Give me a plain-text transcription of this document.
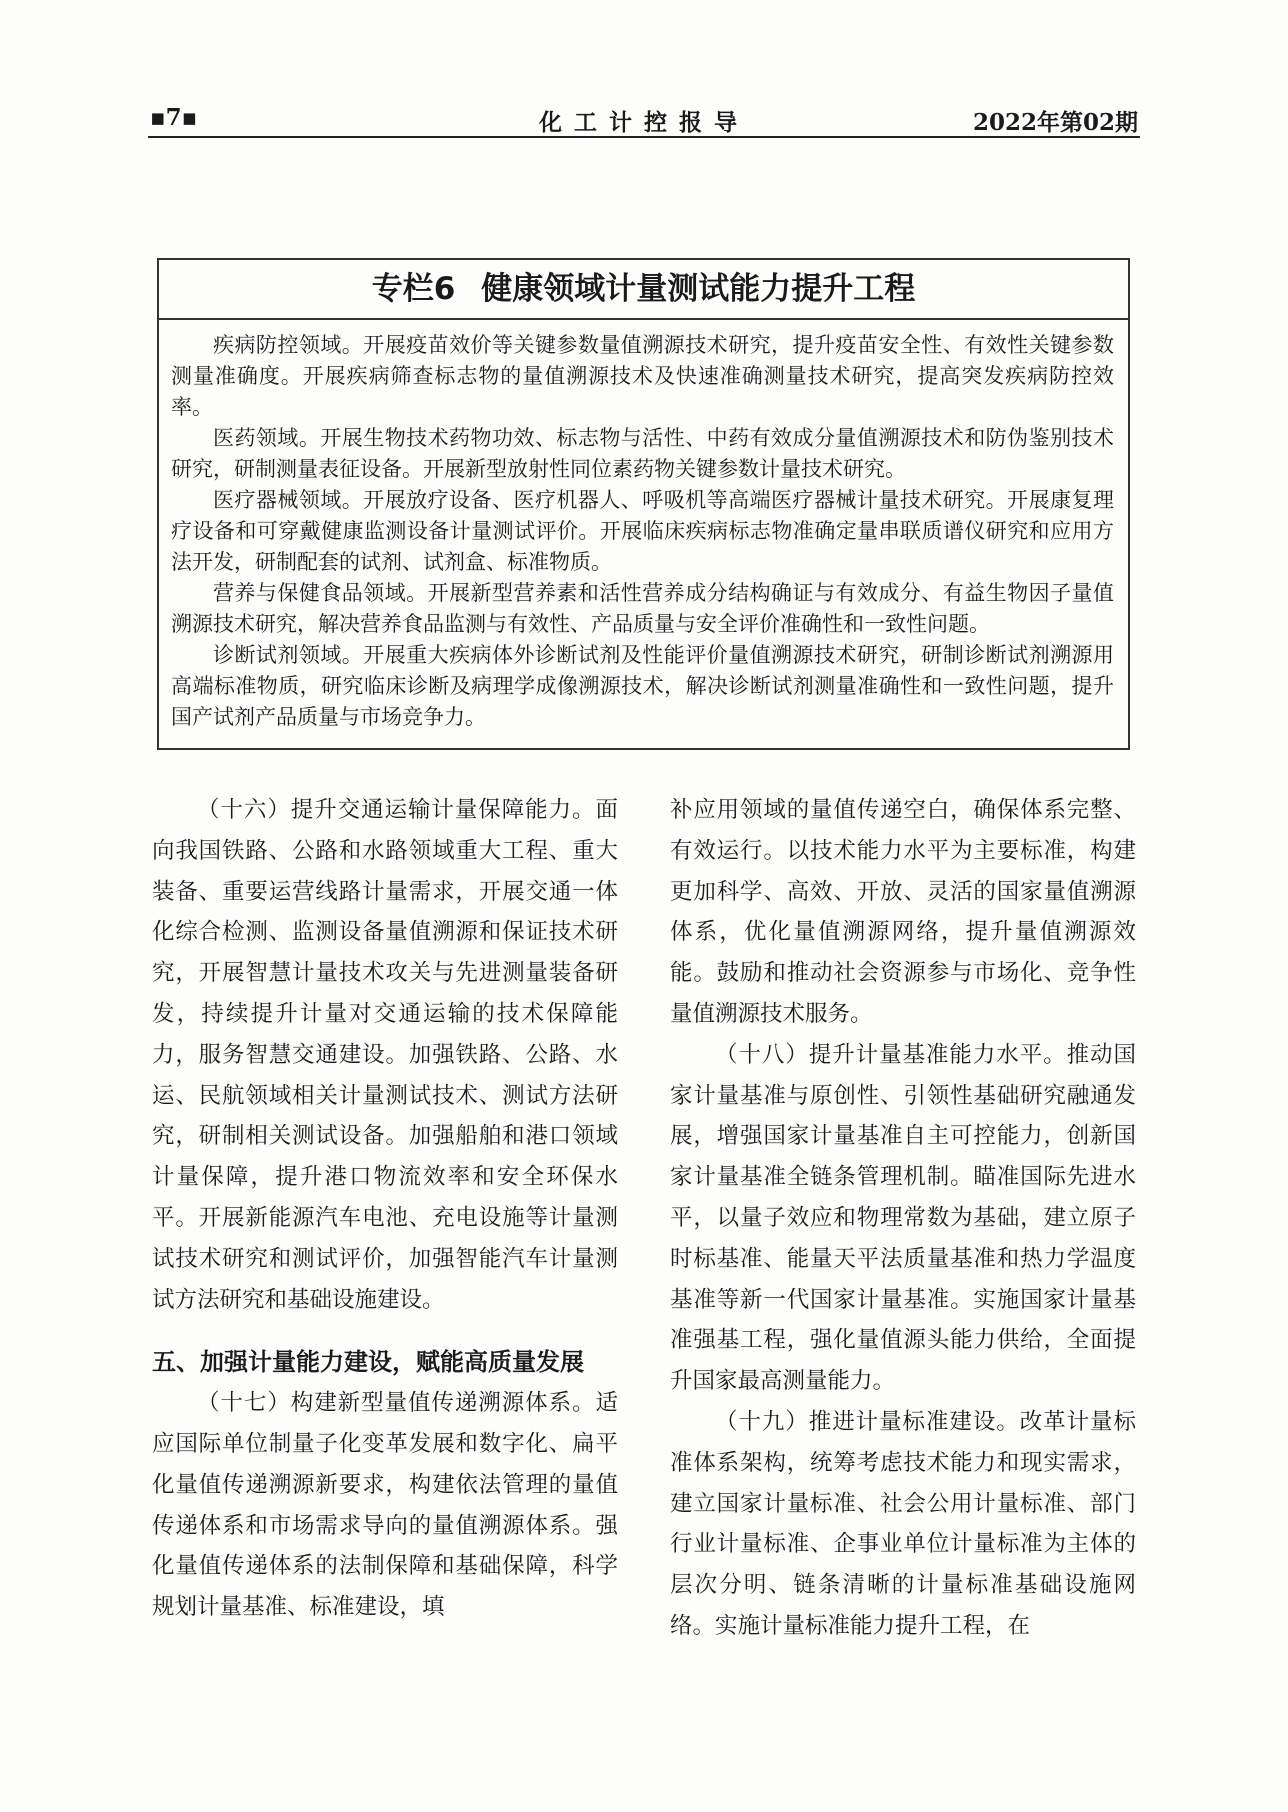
▪7▪	化工计控报导	2022年第02期
专栏6 健康领域计量测试能力提升工程

疾病防控领域。开展疫苗效价等关键参数量值溯源技术研究，提升疫苗安全性、有效性关键参数测量准确度。开展疾病筛查标志物的量值溯源技术及快速准确测量技术研究，提高突发疾病防控效率。

医药领域。开展生物技术药物功效、标志物与活性、中药有效成分量值溯源技术和防伪鉴别技术研究，研制测量表征设备。开展新型放射性同位素药物关键参数计量技术研究。

医疗器械领域。开展放疗设备、医疗机器人、呼吸机等高端医疗器械计量技术研究。开展康复理疗设备和可穿戴健康监测设备计量测试评价。开展临床疾病标志物准确定量串联质谱仪研究和应用方法开发，研制配套的试剂、试剂盒、标准物质。

营养与保健食品领域。开展新型营养素和活性营养成分结构确证与有效成分、有益生物因子量值溯源技术研究，解决营养食品监测与有效性、产品质量与安全评价准确性和一致性问题。

诊断试剂领域。开展重大疾病体外诊断试剂及性能评价量值溯源技术研究，研制诊断试剂溯源用高端标准物质，研究临床诊断及病理学成像溯源技术，解决诊断试剂测量准确性和一致性问题，提升国产试剂产品质量与市场竞争力。

（十六）提升交通运输计量保障能力。面向我国铁路、公路和水路领域重大工程、重大装备、重要运营线路计量需求，开展交通一体化综合检测、监测设备量值溯源和保证技术研究，开展智慧计量技术攻关与先进测量装备研发，持续提升计量对交通运输的技术保障能力，服务智慧交通建设。加强铁路、公路、水运、民航领域相关计量测试技术、测试方法研究，研制相关测试设备。加强船舶和港口领域计量保障，提升港口物流效率和安全环保水平。开展新能源汽车电池、充电设施等计量测试技术研究和测试评价，加强智能汽车计量测试方法研究和基础设施建设。

五、加强计量能力建设，赋能高质量发展

（十七）构建新型量值传递溯源体系。适应国际单位制量子化变革发展和数字化、扁平化量值传递溯源新要求，构建依法管理的量值传递体系和市场需求导向的量值溯源体系。强化量值传递体系的法制保障和基础保障，科学规划计量基准、标准建设，填

补应用领域的量值传递空白，确保体系完整、有效运行。以技术能力水平为主要标准，构建更加科学、高效、开放、灵活的国家量值溯源体系，优化量值溯源网络，提升量值溯源效能。鼓励和推动社会资源参与市场化、竞争性量值溯源技术服务。

（十八）提升计量基准能力水平。推动国家计量基准与原创性、引领性基础研究融通发展，增强国家计量基准自主可控能力，创新国家计量基准全链条管理机制。瞄准国际先进水平，以量子效应和物理常数为基础，建立原子时标基准、能量天平法质量基准和热力学温度基准等新一代国家计量基准。实施国家计量基准强基工程，强化量值源头能力供给，全面提升国家最高测量能力。

（十九）推进计量标准建设。改革计量标准体系架构，统筹考虑技术能力和现实需求，建立国家计量标准、社会公用计量标准、部门行业计量标准、企事业单位计量标准为主体的层次分明、链条清晰的计量标准基础设施网络。实施计量标准能力提升工程，在
